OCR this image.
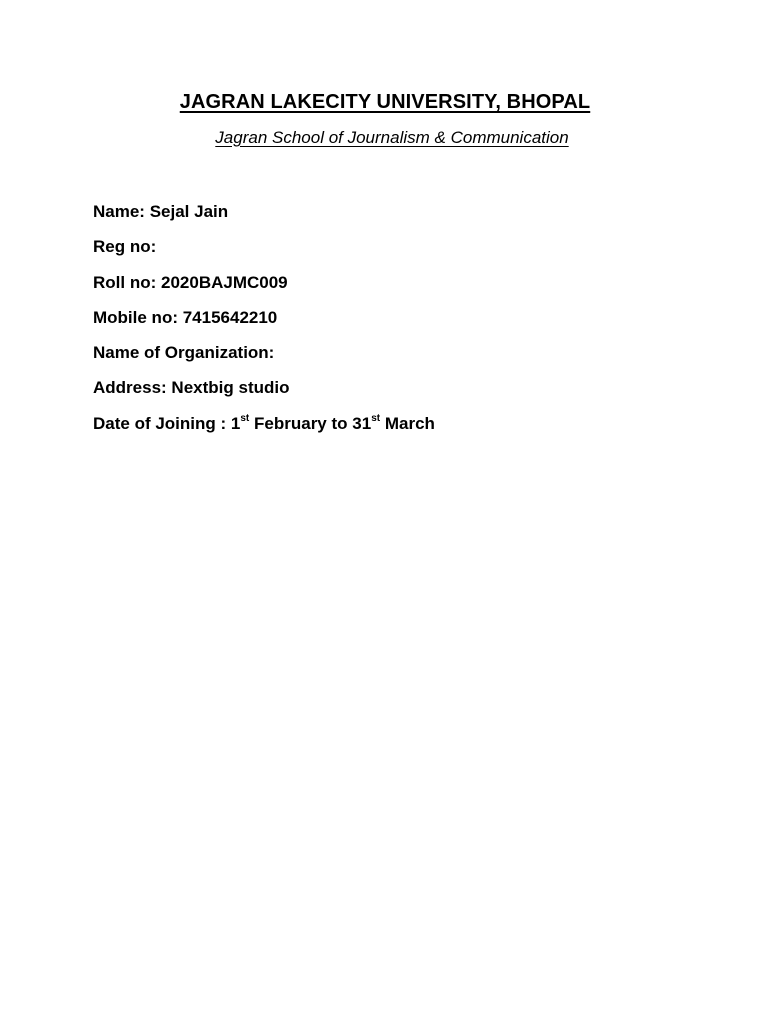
JAGRAN LAKECITY UNIVERSITY, BHOPAL

Jagran School of Journalism & Communication

Name: Sejal Jain
Reg no:
Roll no: 2020BAJMC009
Mobile no: 7415642210
Name of Organization:
Address: Nextbig studio
Date of Joining : 1st February to 31st March
